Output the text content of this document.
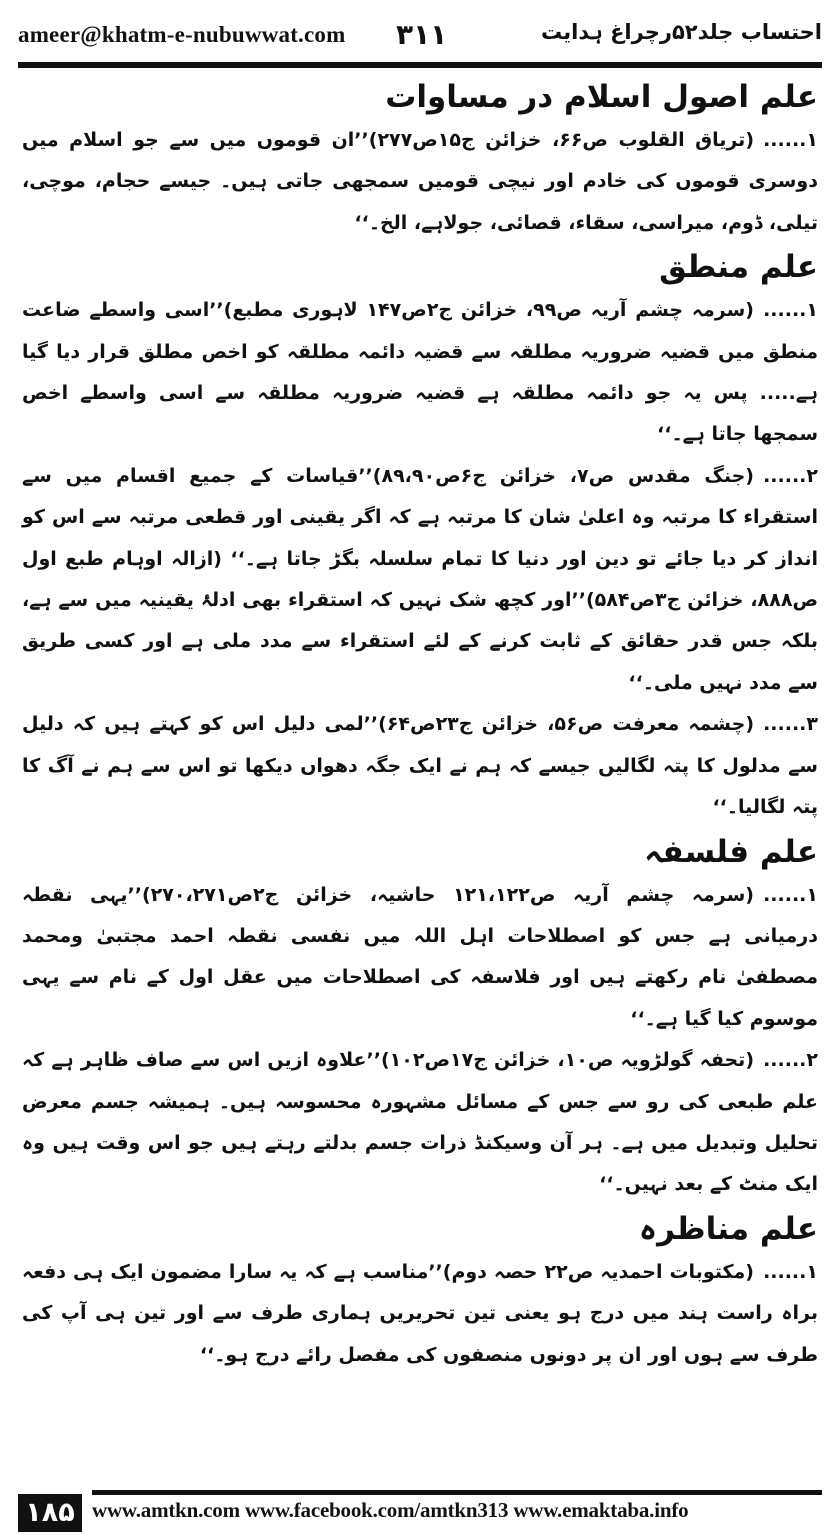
ameer@khatm-e-nubuwwat.com ۳۱۱	احتساب جلد۵۲رچراغ ہدایت
علم اصول اسلام در مساوات

۱......(تریاق القلوب ص۶۶، خزائن ج۱۵ص۲۷۷)’’ان قوموں میں سے جو اسلام میں دوسری قوموں کی خادم اور نیچی قومیں سمجھی جاتی ہیں۔ جیسے حجام، موچی، تیلی، ڈوم، میراسی، سقاء، قصائی، جولاہے، الخ۔‘‘

علم منطق

۱......(سرمہ چشم آریہ ص۹۹، خزائن ج۲ص۱۴۷ لاہوری مطبع)’’اسی واسطے ضاعت منطق میں قضیہ ضروریہ مطلقہ سے قضیہ دائمہ مطلقہ کو اخص مطلق قرار دیا گیا ہے..... پس یہ جو دائمہ مطلقہ ہے قضیہ ضروریہ مطلقہ سے اسی واسطے اخص سمجھا جاتا ہے۔‘‘

۲......(جنگ مقدس ص۷، خزائن ج۶ص۸۹،۹۰)’’قیاسات کے جمیع اقسام میں سے استقراء کا مرتبہ وہ اعلیٰ شان کا مرتبہ ہے کہ اگر یقینی اور قطعی مرتبہ سے اس کو انداز کر دیا جائے تو دین اور دنیا کا تمام سلسلہ بگڑ جاتا ہے۔‘‘ (ازالہ اوہام طبع اول ص۸۸۸، خزائن ج۳ص۵۸۴)’’اور کچھ شک نہیں کہ استقراء بھی ادلۂ یقینیہ میں سے ہے، بلکہ جس قدر حقائق کے ثابت کرنے کے لئے استقراء سے مدد ملی ہے اور کسی طریق سے مدد نہیں ملی۔‘‘

۳......(چشمہ معرفت ص۵۶، خزائن ج۲۳ص۶۴)’’لمی دلیل اس کو کہتے ہیں کہ دلیل سے مدلول کا پتہ لگالیں جیسے کہ ہم نے ایک جگہ دھواں دیکھا تو اس سے ہم نے آگ کا پتہ لگالیا۔‘‘

علم فلسفہ

۱......(سرمہ چشم آریہ ص۱۲۱،۱۲۲ حاشیہ، خزائن ج۲ص۲۷۰،۲۷۱)’’یہی نقطہ درمیانی ہے جس کو اصطلاحات اہل اللہ میں نفسی نقطہ احمد مجتبیٰ ومحمد مصطفیٰ نام رکھتے ہیں اور فلاسفہ کی اصطلاحات میں عقل اول کے نام سے یہی موسوم کیا گیا ہے۔‘‘

۲......(تحفہ گولڑویہ ص۱۰، خزائن ج۱۷ص۱۰۲)’’علاوہ ازیں اس سے صاف ظاہر ہے کہ علم طبعی کی رو سے جس کے مسائل مشہورہ محسوسہ ہیں۔ ہمیشہ جسم معرض تحلیل وتبدیل میں ہے۔ ہر آن وسیکنڈ ذرات جسم بدلتے رہتے ہیں جو اس وقت ہیں وہ ایک منٹ کے بعد نہیں۔‘‘

علم مناظرہ

۱......(مکتوبات احمدیہ ص۲۲ حصہ دوم)’’مناسب ہے کہ یہ سارا مضمون ایک ہی دفعہ براہ راست ہند میں درج ہو یعنی تین تحریریں ہماری طرف سے اور تین ہی آپ کی طرف سے ہوں اور ان پر دونوں منصفوں کی مفصل رائے درج ہو۔‘‘

۱۸۵ www.amtkn.com www.facebook.com/amtkn313 www.emaktaba.info
